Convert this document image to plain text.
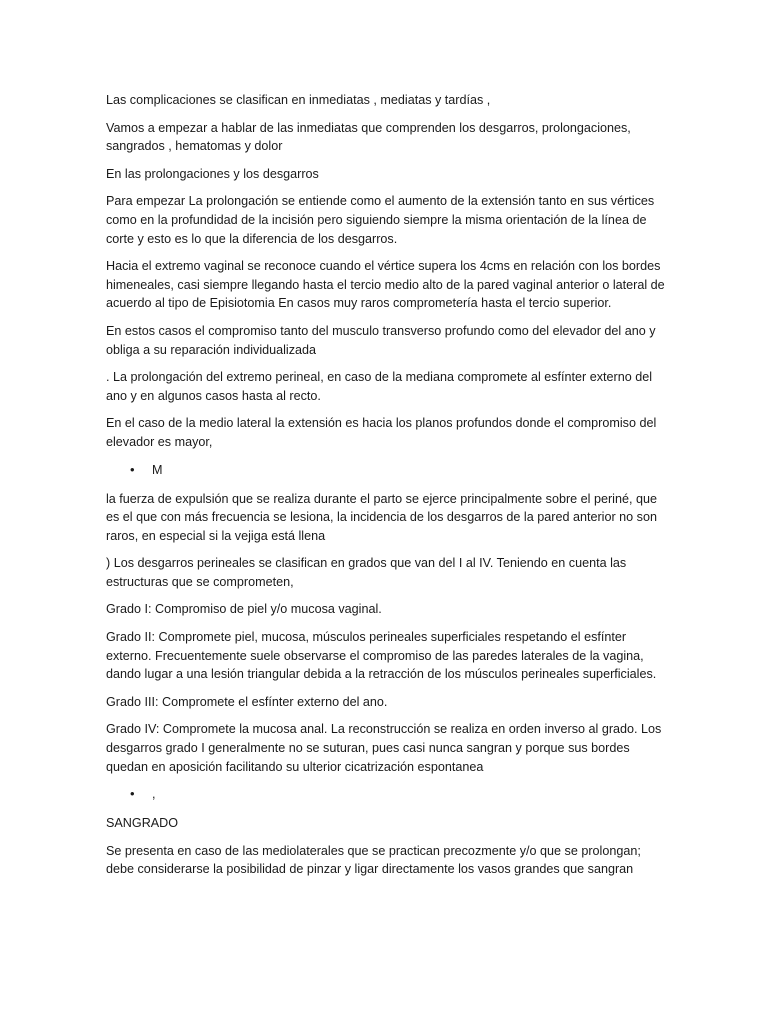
Las complicaciones se clasifican en inmediatas , mediatas y tardías ,

Vamos a empezar a hablar de las inmediatas que comprenden los desgarros, prolongaciones, sangrados , hematomas y dolor

En las prolongaciones y los desgarros

Para empezar La prolongación se entiende como el aumento de la extensión tanto en sus vértices como en la profundidad de la incisión pero siguiendo siempre la misma orientación de la línea de corte y esto es lo que la diferencia de los desgarros.

Hacia el extremo vaginal se reconoce cuando el vértice supera los 4cms en relación con los bordes himeneales, casi siempre llegando hasta el tercio medio alto de la pared vaginal anterior o lateral de acuerdo al tipo de Episiotomia En casos muy raros comprometería hasta el tercio superior.

En estos casos el compromiso tanto del musculo transverso profundo como del elevador del ano y obliga a su reparación individualizada

. La prolongación del extremo perineal, en caso de la mediana compromete al esfínter externo del ano y en algunos casos hasta al recto.

En el caso de la medio lateral la extensión es hacia los planos profundos donde el compromiso del elevador es mayor,

• M

la fuerza de expulsión que se realiza durante el parto se ejerce principalmente sobre el periné, que es el que con más frecuencia se lesiona, la incidencia de los desgarros de la pared anterior no son raros, en especial si la vejiga está llena

) Los desgarros perineales se clasifican en grados que van del I al IV. Teniendo en cuenta las estructuras que se comprometen,

Grado I: Compromiso de piel y/o mucosa vaginal.

Grado II: Compromete piel, mucosa, músculos perineales superficiales respetando el esfínter externo. Frecuentemente suele observarse el compromiso de las paredes laterales de la vagina, dando lugar a una lesión triangular debida a la retracción de los músculos perineales superficiales.

Grado III: Compromete el esfínter externo del ano.

Grado IV: Compromete la mucosa anal. La reconstrucción se realiza en orden inverso al grado. Los desgarros grado I generalmente no se suturan, pues casi nunca sangran y porque sus bordes quedan en aposición facilitando su ulterior cicatrización espontanea

• ,

SANGRADO

Se presenta en caso de las mediolaterales que se practican precozmente y/o que se prolongan; debe considerarse la posibilidad de pinzar y ligar directamente los vasos grandes que sangran
